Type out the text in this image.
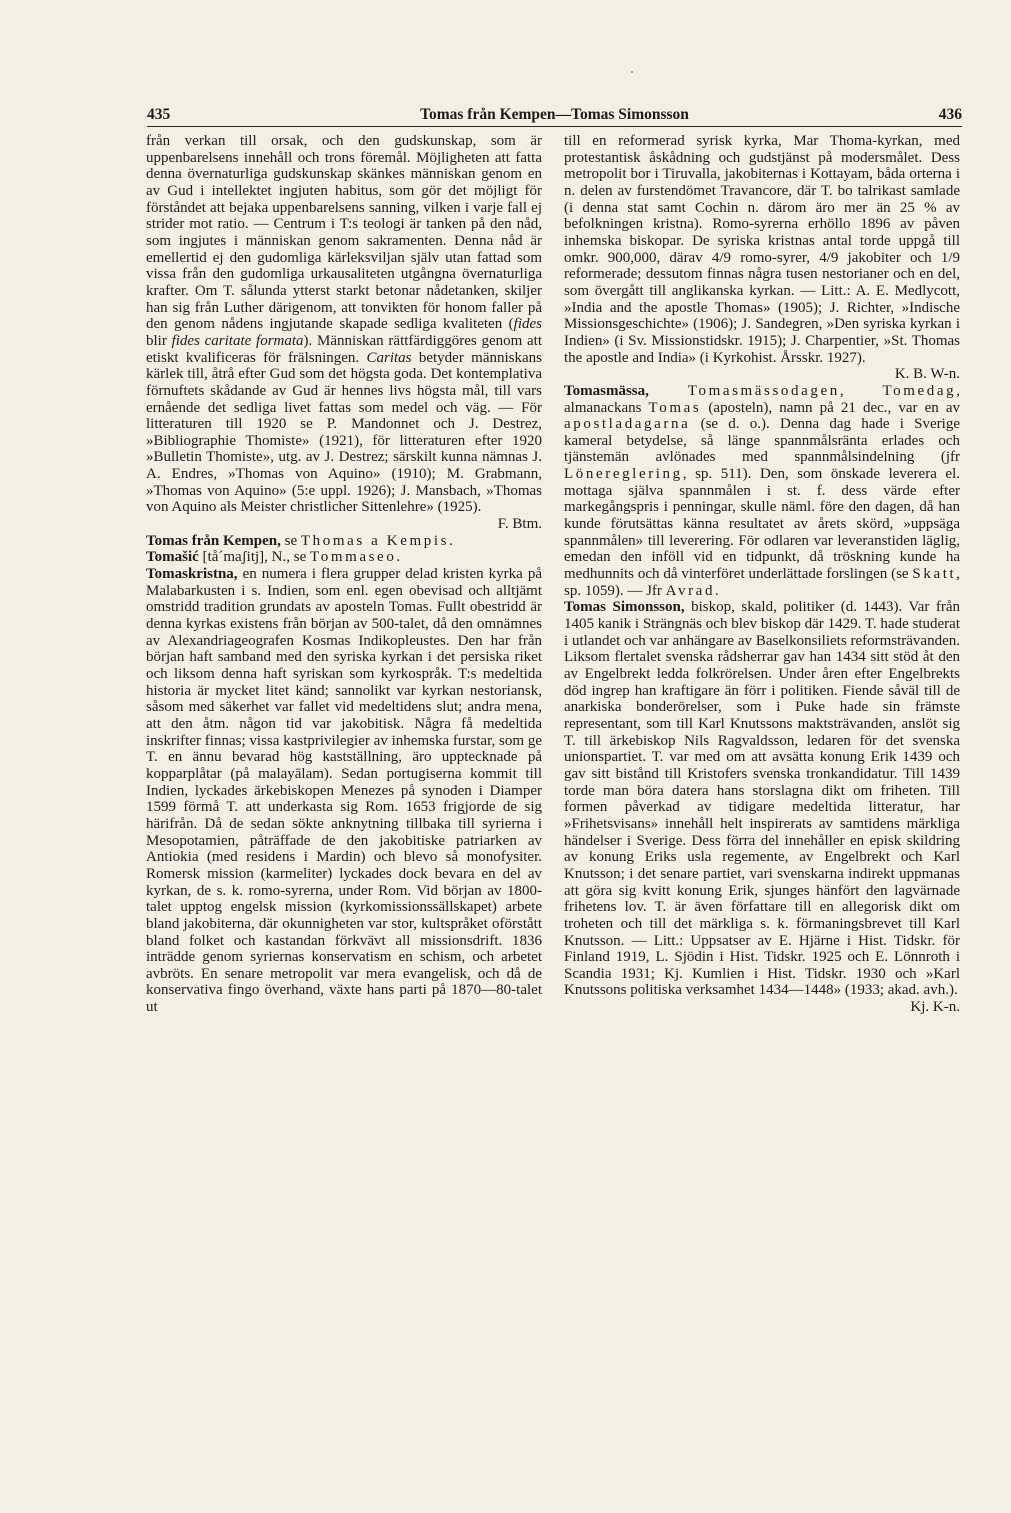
435	Tomas från Kempen—Tomas Simonsson	436

från verkan till orsak, och den gudskunskap, som är uppenbarelsens innehåll och trons föremål. Möjligheten att fatta denna övernaturliga gudskunskap skänkes människan genom en av Gud i intellektet ingjuten habitus, som gör det möjligt för förståndet att bejaka uppenbarelsens sanning, vilken i varje fall ej strider mot ratio. — Centrum i T:s teologi är tanken på den nåd, som ingjutes i människan genom sakramenten. Denna nåd är emellertid ej den gudomliga kärleksviljan själv utan fattad som vissa från den gudomliga urkausaliteten utgångna övernaturliga krafter. Om T. sålunda ytterst starkt betonar nådetanken, skiljer han sig från Luther därigenom, att tonvikten för honom faller på den genom nådens ingjutande skapade sedliga kvaliteten (fides blir fides caritate formata). Människan rättfärdiggöres genom att etiskt kvalificeras för frälsningen. Caritas betyder människans kärlek till, åtrå efter Gud som det högsta goda. Det kontemplativa förnuftets skådande av Gud är hennes livs högsta mål, till vars ernående det sedliga livet fattas som medel och väg. — För litteraturen till 1920 se P. Mandonnet och J. Destrez, »Bibliographie Thomiste» (1921), för litteraturen efter 1920 »Bulletin Thomiste», utg. av J. Destrez; särskilt kunna nämnas J. A. Endres, »Thomas von Aquino» (1910); M. Grabmann, »Thomas von Aquino» (5:e uppl. 1926); J. Mansbach, »Thomas von Aquino als Meister christlicher Sittenlehre» (1925).
F. Btm.

Tomas från Kempen, se Thomas a Kempis.

Tomašić [tå´maʃitj], N., se Tommaseo.

Tomaskristna, en numera i flera grupper delad kristen kyrka på Malabarkusten i s. Indien, som enl. egen obevisad och alltjämt omstridd tradition grundats av aposteln Tomas. Fullt obestridd är denna kyrkas existens från början av 500-talet, då den omnämnes av Alexandriageografen Kosmas Indikopleustes. Den har från början haft samband med den syriska kyrkan i det persiska riket och liksom denna haft syriskan som kyrkospråk. T:s medeltida historia är mycket litet känd; sannolikt var kyrkan nestoriansk, såsom med säkerhet var fallet vid medeltidens slut; andra mena, att den åtm. någon tid var jakobitisk. Några få medeltida inskrifter finnas; vissa kastprivilegier av inhemska furstar, som ge T. en ännu bevarad hög kastställning, äro upptecknade på kopparplåtar (på malayālam). Sedan portugiserna kommit till Indien, lyckades ärkebiskopen Menezes på synoden i Diamper 1599 förmå T. att underkasta sig Rom. 1653 frigjorde de sig härifrån. Då de sedan sökte anknytning tillbaka till syrierna i Mesopotamien, påträffade de den jakobitiske patriarken av Antiokia (med residens i Mardin) och blevo så monofysiter. Romersk mission (karmeliter) lyckades dock bevara en del av kyrkan, de s. k. romo-syrerna, under Rom. Vid början av 1800-talet upptog engelsk mission (kyrkomissionssällskapet) arbete bland jakobiterna, där okunnigheten var stor, kultspråket oförstått bland folket och kastandan förkvävt all missionsdrift. 1836 inträdde genom syriernas konservatism en schism, och arbetet avbröts. En senare metropolit var mera evangelisk, och då de konservativa fingo överhand, växte hans parti på 1870—80-talet ut

till en reformerad syrisk kyrka, Mar Thoma-kyrkan, med protestantisk åskådning och gudstjänst på modersmålet. Dess metropolit bor i Tiruvalla, jakobiternas i Kottayam, båda orterna i n. delen av furstendömet Travancore, där T. bo talrikast samlade (i denna stat samt Cochin n. därom äro mer än 25 % av befolkningen kristna). Romo-syrerna erhöllo 1896 av påven inhemska biskopar. De syriska kristnas antal torde uppgå till omkr. 900,000, därav 4/9 romo-syrer, 4/9 jakobiter och 1/9 reformerade; dessutom finnas några tusen nestorianer och en del, som övergått till anglikanska kyrkan. — Litt.: A. E. Medlycott, »India and the apostle Thomas» (1905); J. Richter, »Indische Missionsgeschichte» (1906); J. Sandegren, »Den syriska kyrkan i Indien» (i Sv. Missionstidskr. 1915); J. Charpentier, »St. Thomas the apostle and India» (i Kyrkohist. Årsskr. 1927).
K. B. W-n.

Tomasmässa,	Tomasmässodagen, Tomedag, almanackans Tomas (aposteln), namn på 21 dec., var en av apostladagarna (se d. o.). Denna dag hade i Sverige kameral betydelse, så länge spannmålsränta erlades och tjänstemän avlönades med spannmålsindelning (jfr Lönereglering, sp. 511). Den, som önskade leverera el. mottaga själva spannmålen i st. f. dess värde efter markegångspris i penningar, skulle näml. före den dagen, då han kunde förutsättas känna resultatet av årets skörd, »uppsäga spannmålen» till leverering. För odlaren var leveranstiden läglig, emedan den inföll vid en tidpunkt, då tröskning kunde ha medhunnits och då vinterföret underlättade forslingen (se Skatt, sp. 1059). — Jfr Avrad.

Tomas Simonsson, biskop, skald, politiker (d. 1443). Var från 1405 kanik i Strängnäs och blev biskop där 1429. T. hade studerat i utlandet och var anhängare av Baselkonsiliets reformsträvanden. Liksom flertalet svenska rådsherrar gav han 1434 sitt stöd åt den av Engelbrekt ledda folkrörelsen. Under åren efter Engelbrekts död ingrep han kraftigare än förr i politiken. Fiende såväl till de anarkiska bonderörelser, som i Puke hade sin främste representant, som till Karl Knutssons maktsträvanden, anslöt sig T. till ärkebiskop Nils Ragvaldsson, ledaren för det svenska unionspartiet. T. var med om att avsätta konung Erik 1439 och gav sitt bistånd till Kristofers svenska tronkandidatur. Till 1439 torde man böra datera hans storslagna dikt om friheten. Till formen påverkad av tidigare medeltida litteratur, har »Frihetsvisans» innehåll helt inspirerats av samtidens märkliga händelser i Sverige. Dess förra del innehåller en episk skildring av konung Eriks usla regemente, av Engelbrekt och Karl Knutsson; i det senare partiet, vari svenskarna indirekt uppmanas att göra sig kvitt konung Erik, sjunges hänfört den lagvärnade frihetens lov. T. är även författare till en allegorisk dikt om troheten och till det märkliga s. k. förmaningsbrevet till Karl Knutsson. — Litt.: Uppsatser av E. Hjärne i Hist. Tidskr. för Finland 1919, L. Sjödin i Hist. Tidskr. 1925 och E. Lönnroth i Scandia 1931; Kj. Kumlien i Hist. Tidskr. 1930 och »Karl Knutssons politiska verksamhet 1434—1448» (1933; akad. avh.).
Kj. K-n.
